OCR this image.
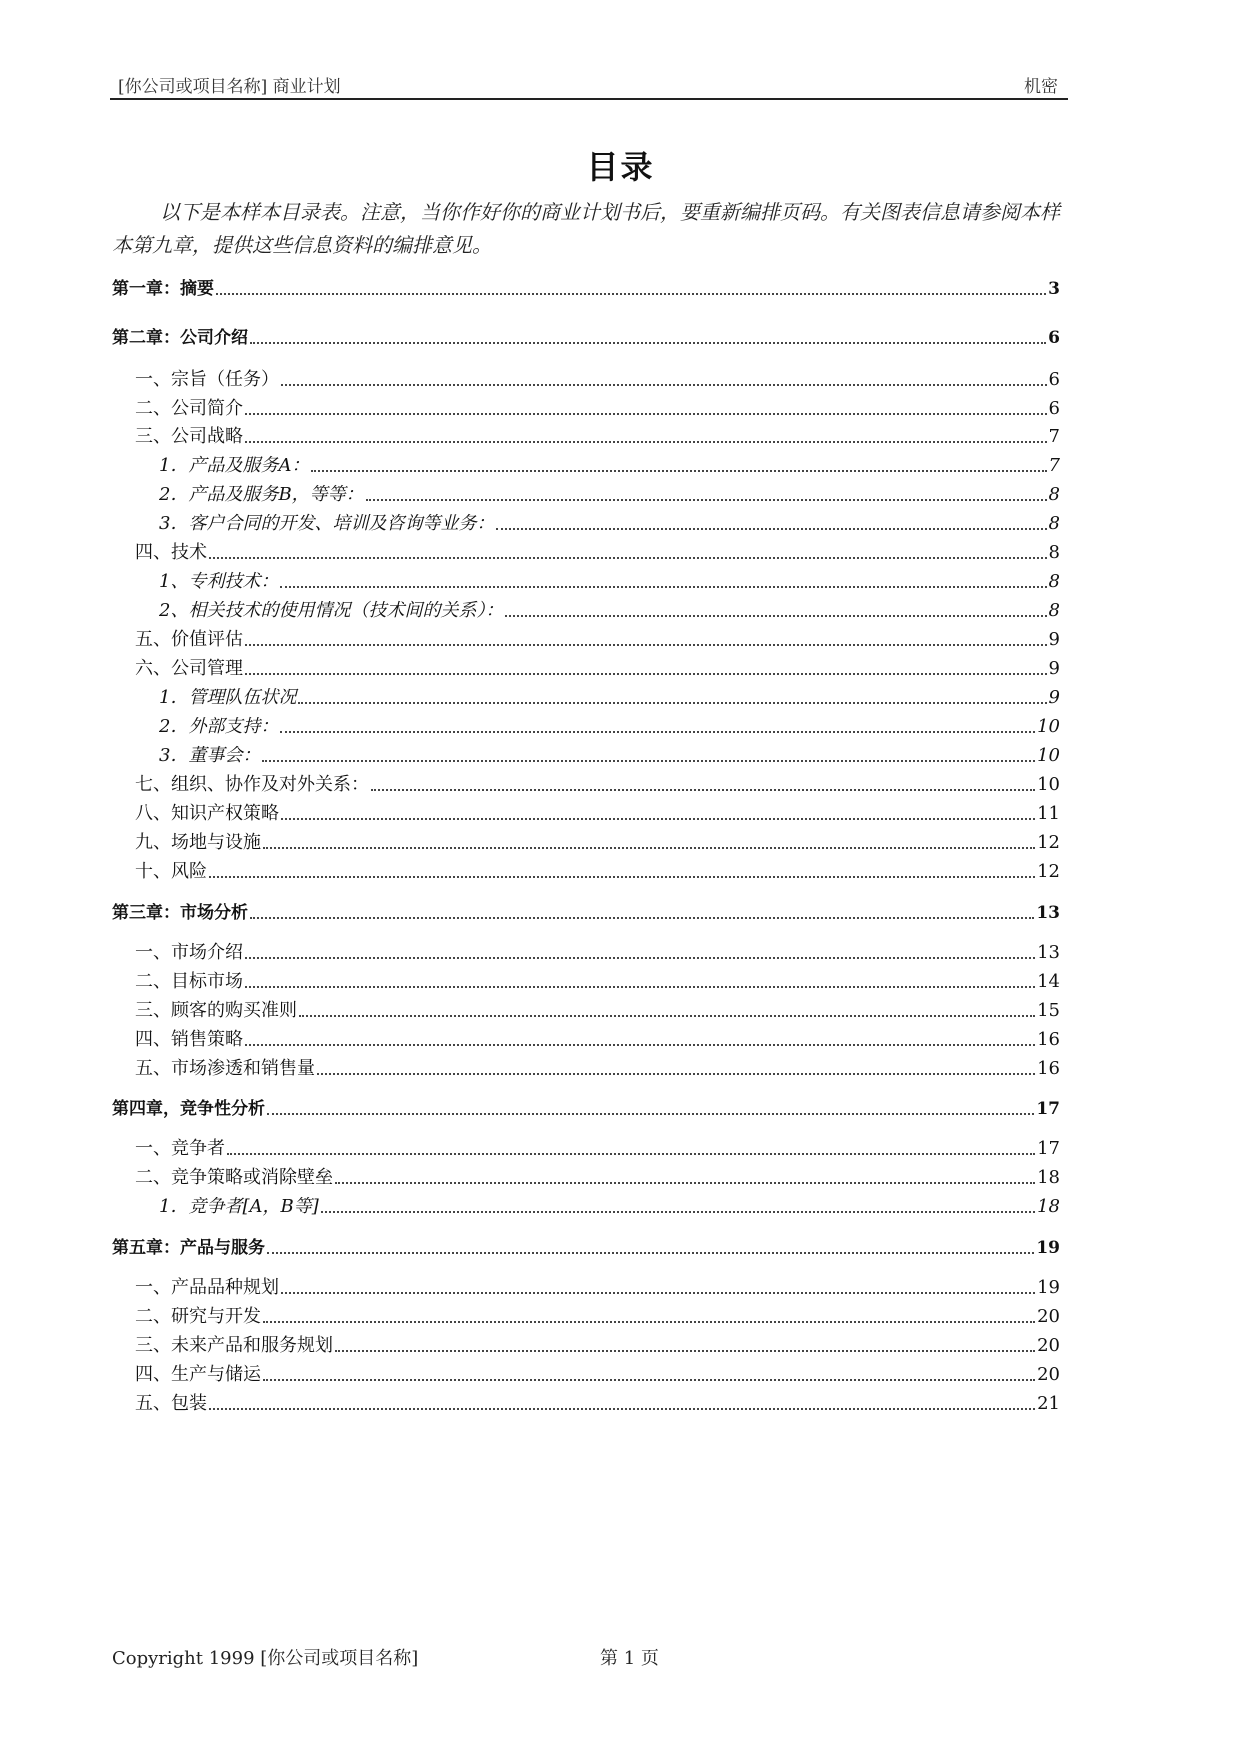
[你公司或项目名称] 商业计划	机密
目录
以下是本样本目录表。注意，当你作好你的商业计划书后，要重新编排页码。有关图表信息请参阅本样本第九章，提供这些信息资料的编排意见。
第一章：摘要	3
第二章：公司介绍	6
一、宗旨（任务）	6
二、公司简介	6
三、公司战略	7
1．产品及服务A：	7
2．产品及服务B，等等：	8
3．客户合同的开发、培训及咨询等业务：	8
四、技术	8
1、专利技术：	8
2、相关技术的使用情况（技术间的关系）：	8
五、价值评估	9
六、公司管理	9
1．管理队伍状况	9
2．外部支持：	10
3．董事会：	10
七、组织、协作及对外关系：	10
八、知识产权策略	11
九、场地与设施	12
十、风险	12
第三章：市场分析	13
一、市场介绍	13
二、目标市场	14
三、顾客的购买准则	15
四、销售策略	16
五、市场渗透和销售量	16
第四章，竞争性分析	17
一、竞争者	17
二、竞争策略或消除壁垒	18
1．竞争者[A，B等]	18
第五章：产品与服务	19
一、产品品种规划	19
二、研究与开发	20
三、未来产品和服务规划	20
四、生产与储运	20
五、包装	21
Copyright 1999 [你公司或项目名称]	第 1 页
